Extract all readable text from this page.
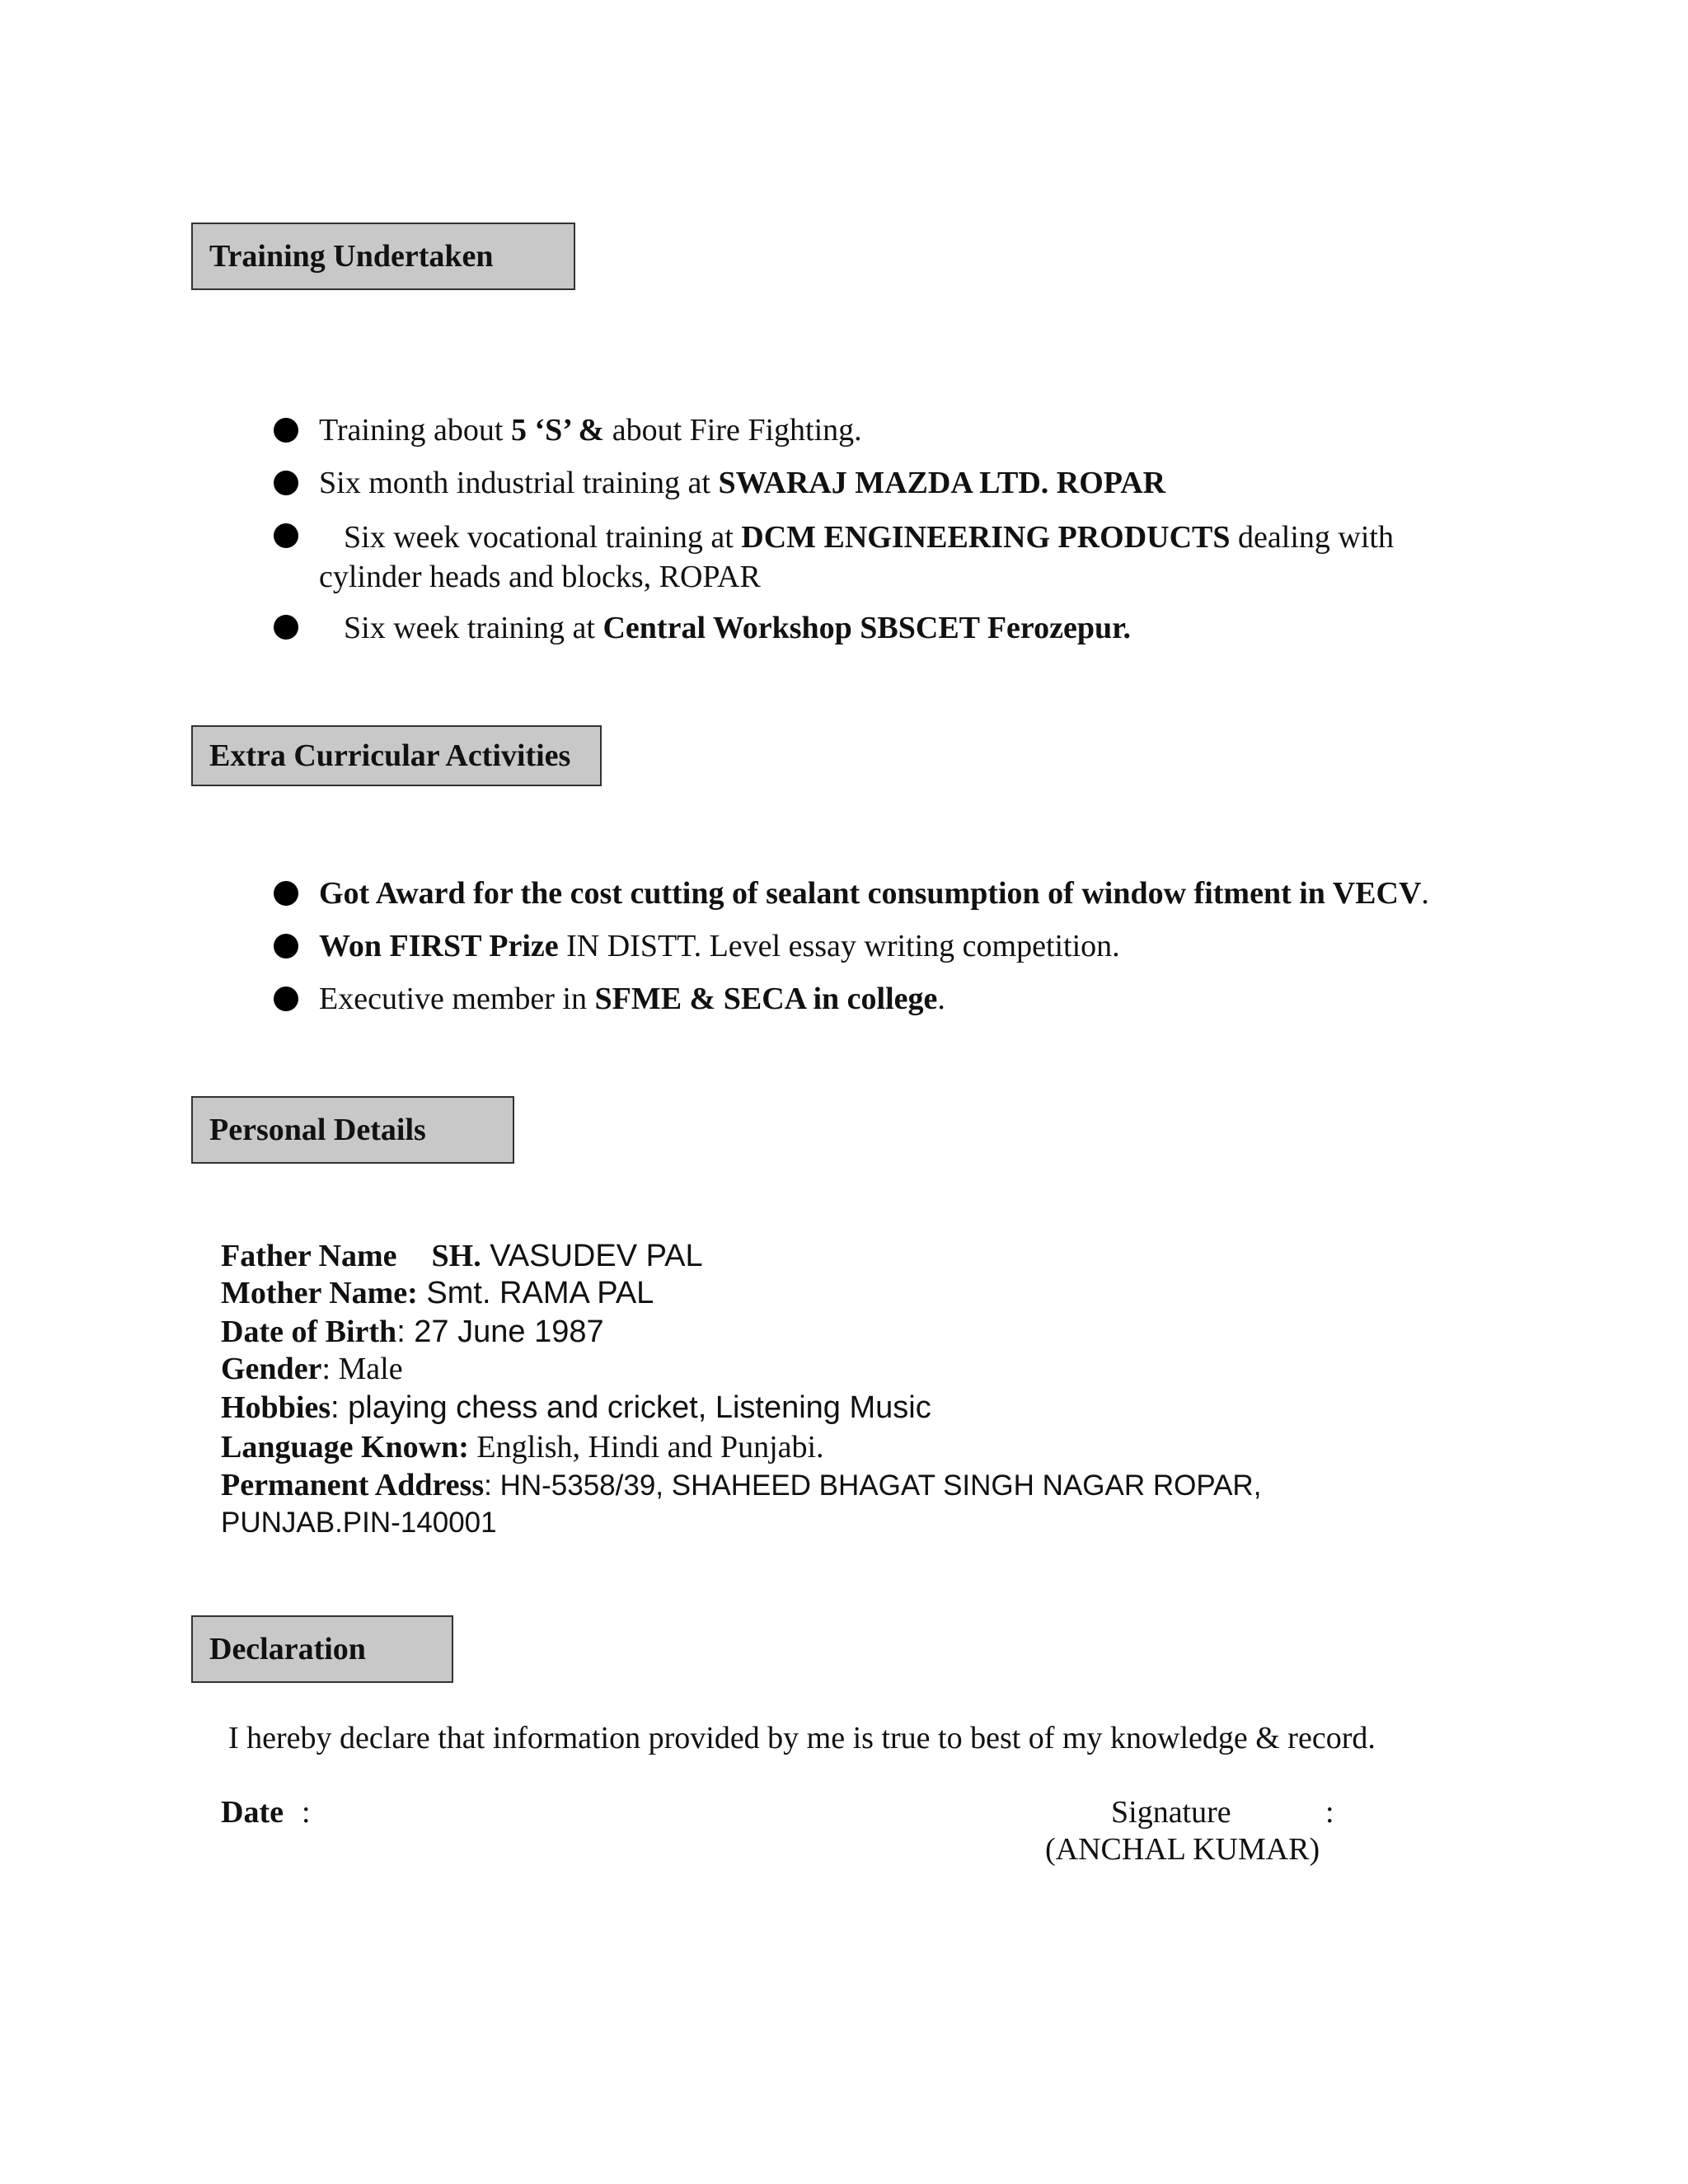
Training Undertaken
Training about 5 ‘S’ & about Fire Fighting.
Six month industrial training at SWARAJ MAZDA LTD. ROPAR
Six week vocational training at DCM ENGINEERING PRODUCTS dealing with
cylinder heads and blocks, ROPAR
Six week training at Central Workshop SBSCET Ferozepur.
Extra Curricular Activities
Got Award for the cost cutting of sealant consumption of window fitment in VECV.
Won FIRST Prize IN DISTT. Level essay writing competition.
Executive member in SFME & SECA in college.
Personal Details
Father Name SH. VASUDEV PAL
Mother Name: Smt. RAMA PAL
Date of Birth: 27 June 1987
Gender: Male
Hobbies: playing chess and cricket, Listening Music
Language Known: English, Hindi and Punjabi.
Permanent Address: HN-5358/39, SHAHEED BHAGAT SINGH NAGAR ROPAR,
PUNJAB.PIN-140001
Declaration
I hereby declare that information provided by me is true to best of my knowledge & record.
Date :	Signature	:
(ANCHAL KUMAR)
